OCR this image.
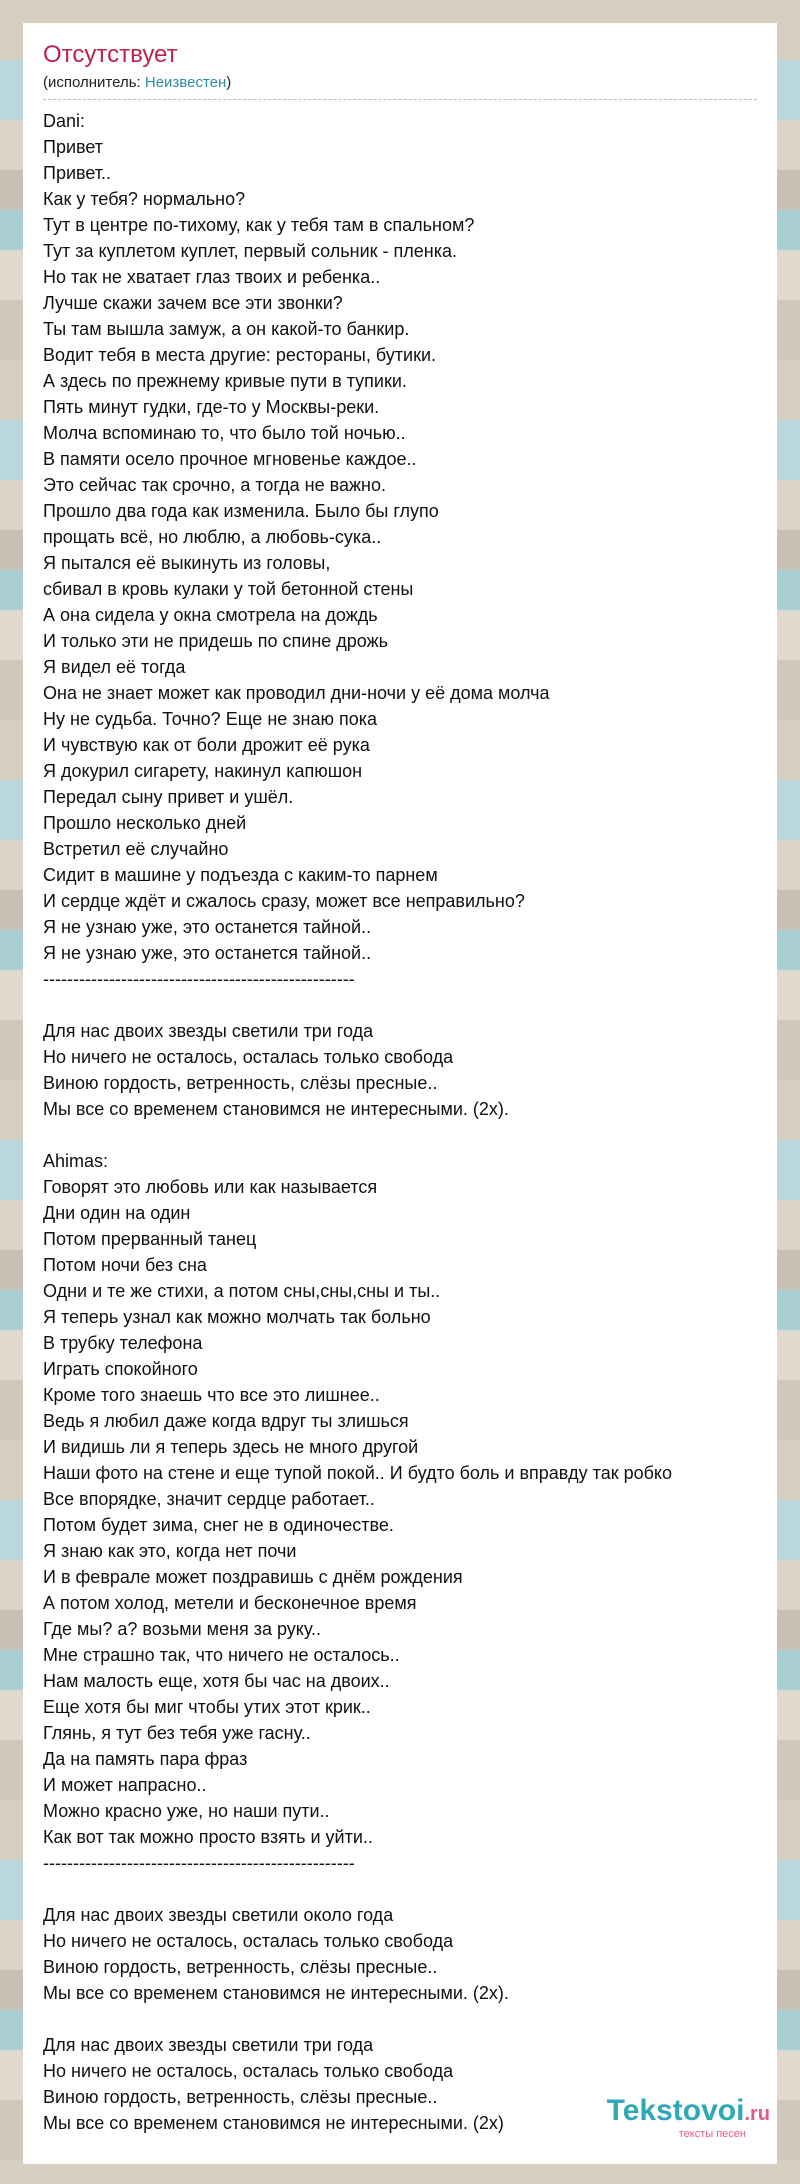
Отсутствует
(исполнитель: Неизвестен)
Dani:
Привет
Привет..
Как у тебя? нормально?
Тут в центре по-тихому, как у тебя там в спальном?
Тут за куплетом куплет, первый сольник - пленка.
Но так не хватает глаз твоих и ребенка..
Лучше скажи зачем все эти звонки?
Ты там вышла замуж, а он какой-то банкир.
Водит тебя в места другие: рестораны, бутики.
А здесь по прежнему кривые пути в тупики.
Пять минут гудки, где-то у Москвы-реки.
Молча вспоминаю то, что было той ночью..
В памяти осело прочное мгновенье каждое..
Это сейчас так срочно, а тогда не важно.
Прошло два года как изменила. Было бы глупо
прощать всё, но люблю, а любовь-сука..
Я пытался её выкинуть из головы,
сбивал в кровь кулаки у той бетонной стены
А она сидела у окна смотрела на дождь
И только эти не придешь по спине дрожь
Я видел её тогда
Она не знает может как проводил дни-ночи у её дома молча
Ну не судьба. Точно? Еще не знаю пока
И чувствую как от боли дрожит её рука
Я докурил сигарету, накинул капюшон
Передал сыну привет и ушёл.
Прошло несколько дней
Встретил её случайно
Сидит в машине у подъезда с каким-то парнем
И сердце ждёт и сжалось сразу, может все неправильно?
Я не узнаю уже, это останется тайной..
Я не узнаю уже, это останется тайной..
----------------------------------------------------
Для нас двоих звезды светили три года
Но ничего не осталось, осталась только свобода
Виною гордость, ветренность, слёзы пресные..
Мы все со временем становимся не интересными. (2x).
Ahimas:
Говорят это любовь или как называется
Дни один на один
Потом прерванный танец
Потом ночи без сна
Одни и те же стихи, а потом сны,сны,сны и ты..
Я теперь узнал как можно молчать так больно
В трубку телефона
Играть спокойного
Кроме того знаешь что все это лишнее..
Ведь я любил даже когда вдруг ты злишься
И видишь ли я теперь здесь не много другой
Наши фото на стене и еще тупой покой.. И будто боль и вправду так робко
Все впорядке, значит сердце работает..
Потом будет зима, снег не в одиночестве.
Я знаю как это, когда нет почи
И в феврале может поздравишь с днём рождения
А потом холод, метели и бесконечное время
Где мы? а? возьми меня за руку..
Мне страшно так, что ничего не осталось..
Нам малость еще, хотя бы час на двоих..
Еще хотя бы миг чтобы утих этот крик..
Глянь, я тут без тебя уже гасну..
Да на память пара фраз
И может напрасно..
Можно красно уже, но наши пути..
Как вот так можно просто взять и уйти..
----------------------------------------------------
Для нас двоих звезды светили около года
Но ничего не осталось, осталась только свобода
Виною гордость, ветренность, слёзы пресные..
Мы все со временем становимся не интересными. (2x).
Для нас двоих звезды светили три года
Но ничего не осталось, осталась только свобода
Виною гордость, ветренность, слёзы пресные..
Мы все со временем становимся не интересными. (2x)	Tekstovoi.ru
тексты песен
